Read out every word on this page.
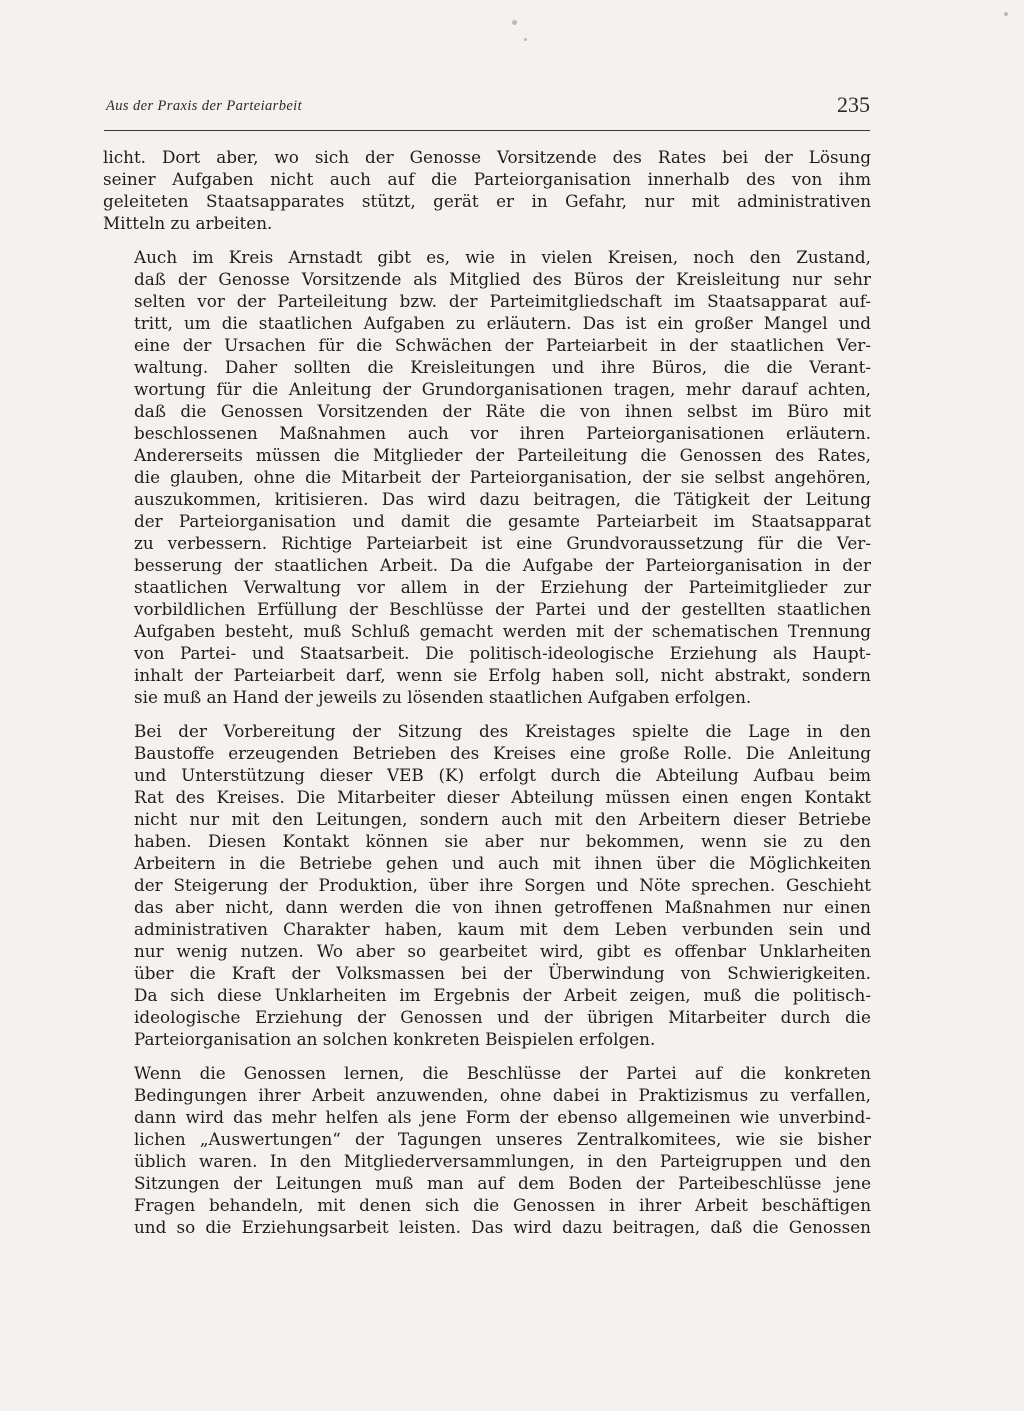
Aus der Praxis der Parteiarbeit	235
licht. Dort aber, wo sich der Genosse Vorsitzende des Rates bei der Lösung
seiner Aufgaben nicht auch auf die Parteiorganisation innerhalb des von ihm
geleiteten Staatsapparates stützt, gerät er in Gefahr, nur mit administrativen
Mitteln zu arbeiten.
Auch im Kreis Arnstadt gibt es, wie in vielen Kreisen, noch den Zustand,
daß der Genosse Vorsitzende als Mitglied des Büros der Kreisleitung nur sehr
selten vor der Parteileitung bzw. der Parteimitgliedschaft im Staatsapparat auf-
tritt, um die staatlichen Aufgaben zu erläutern. Das ist ein großer Mangel und
eine der Ursachen für die Schwächen der Parteiarbeit in der staatlichen Ver-
waltung. Daher sollten die Kreisleitungen und ihre Büros, die die Verant-
wortung für die Anleitung der Grundorganisationen tragen, mehr darauf achten,
daß die Genossen Vorsitzenden der Räte die von ihnen selbst im Büro mit
beschlossenen Maßnahmen auch vor ihren Parteiorganisationen erläutern.
Andererseits müssen die Mitglieder der Parteileitung die Genossen des Rates,
die glauben, ohne die Mitarbeit der Parteiorganisation, der sie selbst angehören,
auszukommen, kritisieren. Das wird dazu beitragen, die Tätigkeit der Leitung
der Parteiorganisation und damit die gesamte Parteiarbeit im Staatsapparat
zu verbessern. Richtige Parteiarbeit ist eine Grundvoraussetzung für die Ver-
besserung der staatlichen Arbeit. Da die Aufgabe der Parteiorganisation in der
staatlichen Verwaltung vor allem in der Erziehung der Parteimitglieder zur
vorbildlichen Erfüllung der Beschlüsse der Partei und der gestellten staatlichen
Aufgaben besteht, muß Schluß gemacht werden mit der schematischen Trennung
von Partei- und Staatsarbeit. Die politisch-ideologische Erziehung als Haupt-
inhalt der Parteiarbeit darf, wenn sie Erfolg haben soll, nicht abstrakt, sondern
sie muß an Hand der jeweils zu lösenden staatlichen Aufgaben erfolgen.
Bei der Vorbereitung der Sitzung des Kreistages spielte die Lage in den
Baustoffe erzeugenden Betrieben des Kreises eine große Rolle. Die Anleitung
und Unterstützung dieser VEB (K) erfolgt durch die Abteilung Aufbau beim
Rat des Kreises. Die Mitarbeiter dieser Abteilung müssen einen engen Kontakt
nicht nur mit den Leitungen, sondern auch mit den Arbeitern dieser Betriebe
haben. Diesen Kontakt können sie aber nur bekommen, wenn sie zu den
Arbeitern in die Betriebe gehen und auch mit ihnen über die Möglichkeiten
der Steigerung der Produktion, über ihre Sorgen und Nöte sprechen. Geschieht
das aber nicht, dann werden die von ihnen getroffenen Maßnahmen nur einen
administrativen Charakter haben, kaum mit dem Leben verbunden sein und
nur wenig nutzen. Wo aber so gearbeitet wird, gibt es offenbar Unklarheiten
über die Kraft der Volksmassen bei der Überwindung von Schwierigkeiten.
Da sich diese Unklarheiten im Ergebnis der Arbeit zeigen, muß die politisch-
ideologische Erziehung der Genossen und der übrigen Mitarbeiter durch die
Parteiorganisation an solchen konkreten Beispielen erfolgen.
Wenn die Genossen lernen, die Beschlüsse der Partei auf die konkreten
Bedingungen ihrer Arbeit anzuwenden, ohne dabei in Praktizismus zu verfallen,
dann wird das mehr helfen als jene Form der ebenso allgemeinen wie unverbind-
lichen „Auswertungen“ der Tagungen unseres Zentralkomitees, wie sie bisher
üblich waren. In den Mitgliederversammlungen, in den Parteigruppen und den
Sitzungen der Leitungen muß man auf dem Boden der Parteibeschlüsse jene
Fragen behandeln, mit denen sich die Genossen in ihrer Arbeit beschäftigen
und so die Erziehungsarbeit leisten. Das wird dazu beitragen, daß die Genossen
